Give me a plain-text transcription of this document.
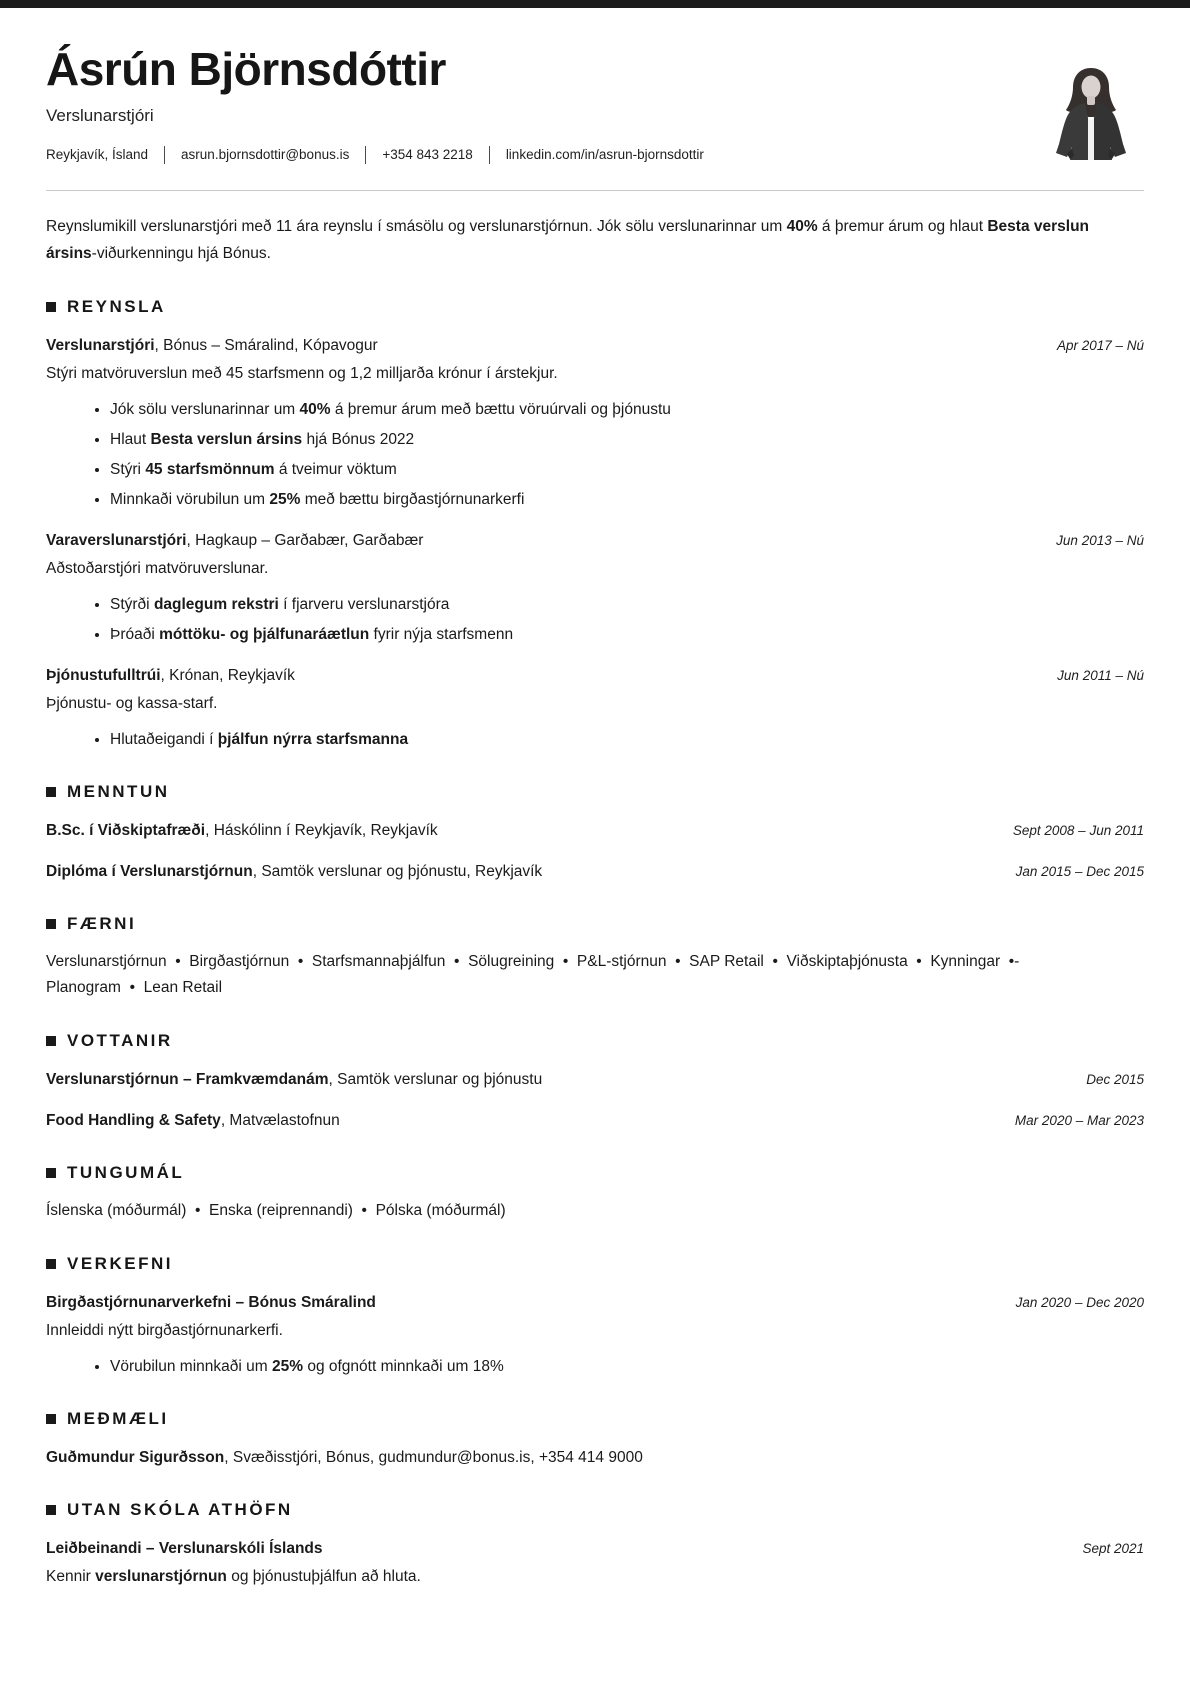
Ásrún Björnsdóttir
Verslunarstjóri
Reykjavík, Ísland asrun.bjornsdottir@bonus.is +354 843 2218 linkedin.com/in/asrun-bjornsdottir

Reynslumikill verslunarstjóri með 11 ára reynslu í smásölu og verslunarstjórnun. Jók sölu verslunarinnar um 40% á þremur árum og hlaut Besta verslun ársins-viðurkenningu hjá Bónus.

REYNSLA

Verslunarstjóri, Bónus – Smáralind, Kópavogur	Apr 2017 – Nú

Stýri matvöruverslun með 45 starfsmenn og 1,2 milljarða krónur í árstekjur.

• Jók sölu verslunarinnar um 40% á þremur árum með bættu vöruúrvali og þjónustu
• Hlaut Besta verslun ársins hjá Bónus 2022
• Stýri 45 starfsmönnum á tveimur vöktum
• Minnkaði vörubilun um 25% með bættu birgðastjórnunarkerfi

Varaverslunarstjóri, Hagkaup – Garðabær, Garðabær	Jun 2013 – Nú

Aðstoðarstjóri matvöruverslunar.

• Stýrði daglegum rekstri í fjarveru verslunarstjóra
• Þróaði móttöku- og þjálfunaráætlun fyrir nýja starfsmenn

Þjónustufulltrúi, Krónan, Reykjavík	Jun 2011 – Nú

Þjónustu- og kassa-starf.

• Hlutaðeigandi í þjálfun nýrra starfsmanna
MENNTUN

B.Sc. í Viðskiptafræði, Háskólinn í Reykjavík, Reykjavík	Sept 2008 – Jun 2011

Diplóma í Verslunarstjórnun, Samtök verslunar og þjónustu, Reykjavík	Jan 2015 – Dec 2015
FÆRNI

Verslunarstjórnun  •  Birgðastjórnun  •  Starfsmannaþjálfun  •  Sölugreining  •  P&L-stjórnun  •  SAP Retail  •  Viðskiptaþjónusta  •  Kynningar  •-
Planogram  •  Lean Retail

VOTTANIR

Verslunarstjórnun – Framkvæmdanám, Samtök verslunar og þjónustu	Dec 2015

Food Handling & Safety, Matvælastofnun	Mar 2020 – Mar 2023
TUNGUMÁL

Íslenska (móðurmál)  •  Enska (reiprennandi)  •  Pólska (móðurmál)

VERKEFNI

Birgðastjórnunarverkefni – Bónus Smáralind	Jan 2020 – Dec 2020

Innleiddi nýtt birgðastjórnunarkerfi.

• Vörubilun minnkaði um 25% og ofgnótt minnkaði um 18%
MEÐMÆLI

Guðmundur Sigurðsson, Svæðisstjóri, Bónus, gudmundur@bonus.is, +354 414 9000

UTAN SKÓLA ATHÖFN

Leiðbeinandi – Verslunarskóli Íslands	Sept 2021

Kennir verslunarstjórnun og þjónustuþjálfun að hluta.
